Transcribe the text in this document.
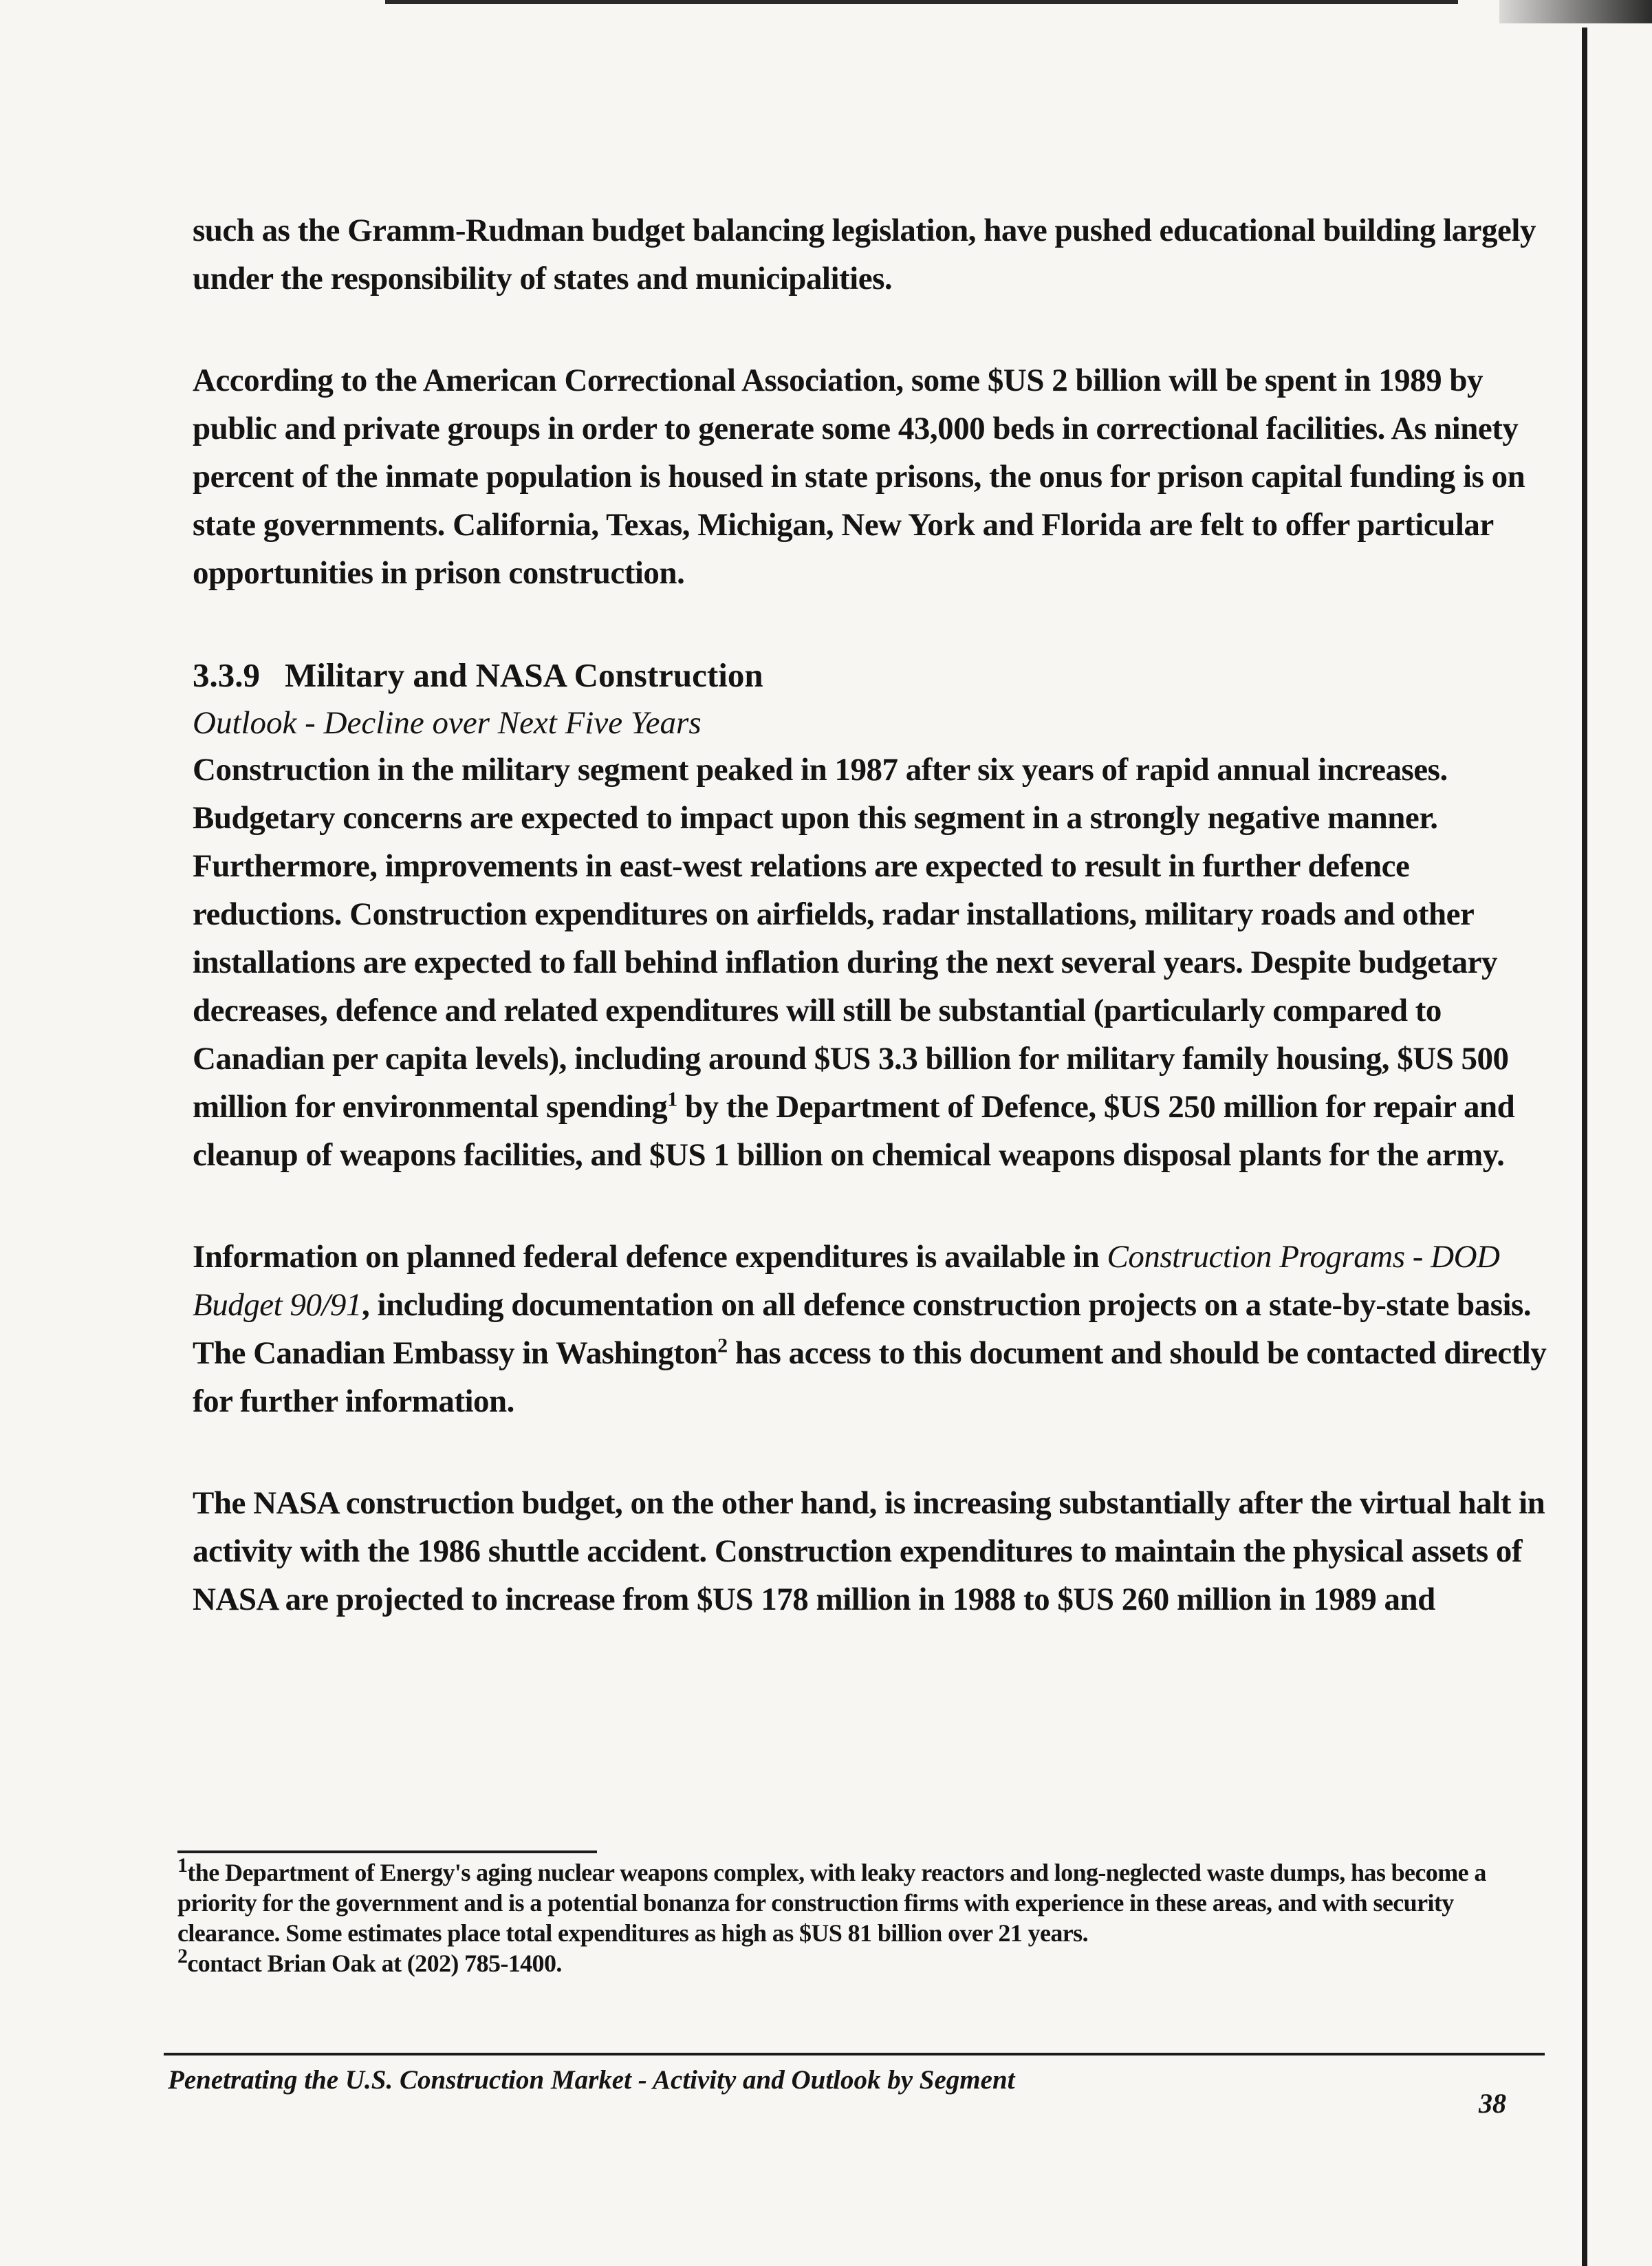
such as the Gramm-Rudman budget balancing legislation, have pushed educational building largely under the responsibility of states and municipalities.

According to the American Correctional Association, some $US 2 billion will be spent in 1989 by public and private groups in order to generate some 43,000 beds in correctional facilities. As ninety percent of the inmate population is housed in state prisons, the onus for prison capital funding is on state governments. California, Texas, Michigan, New York and Florida are felt to offer particular opportunities in prison construction.

3.3.9 Military and NASA Construction
Outlook - Decline over Next Five Years

Construction in the military segment peaked in 1987 after six years of rapid annual increases. Budgetary concerns are expected to impact upon this segment in a strongly negative manner. Furthermore, improvements in east-west relations are expected to result in further defence reductions. Construction expenditures on airfields, radar installations, military roads and other installations are expected to fall behind inflation during the next several years. Despite budgetary decreases, defence and related expenditures will still be substantial (particularly compared to Canadian per capita levels), including around $US 3.3 billion for military family housing, $US 500 million for environmental spending$^1$ by the Department of Defence, $US 250 million for repair and cleanup of weapons facilities, and $US 1 billion on chemical weapons disposal plants for the army.

Information on planned federal defence expenditures is available in Construction Programs - DOD Budget 90/91, including documentation on all defence construction projects on a state-by-state basis. The Canadian Embassy in Washington$^2$ has access to this document and should be contacted directly for further information.

The NASA construction budget, on the other hand, is increasing substantially after the virtual halt in activity with the 1986 shuttle accident. Construction expenditures to maintain the physical assets of NASA are projected to increase from $US 178 million in 1988 to $US 260 million in 1989 and

$^1$the Department of Energy's aging nuclear weapons complex, with leaky reactors and long-neglected waste dumps, has become a priority for the government and is a potential bonanza for construction firms with experience in these areas, and with security clearance. Some estimates place total expenditures as high as $US 81 billion over 21 years.

$^2$contact Brian Oak at (202) 785-1400.

Penetrating the U.S. Construction Market - Activity and Outlook by Segment
38
